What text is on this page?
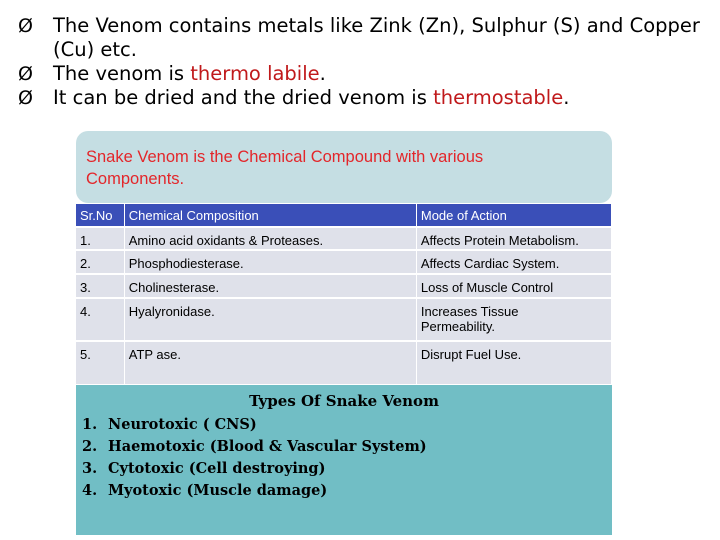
Ø The Venom contains metals like Zink (Zn), Sulphur (S) and Copper
(Cu) etc.
Ø The venom is thermo labile.
Ø It can be dried and the dried venom is thermostable.
Snake Venom is the Chemical Compound with various
Components.
Sr.No	Chemical Composition	Mode of Action
1.	Amino acid oxidants & Proteases.	Affects Protein Metabolism.
2.	Phosphodiesterase.	Affects Cardiac System.
3.	Cholinesterase.	Loss of Muscle Control
4.	Hyalyronidase.	Increases Tissue
Permeability.
5.	ATP ase.	Disrupt Fuel Use.
Types Of Snake Venom
1. Neurotoxic ( CNS)
2. Haemotoxic (Blood & Vascular System)
3. Cytotoxic (Cell destroying)
4. Myotoxic (Muscle damage)
